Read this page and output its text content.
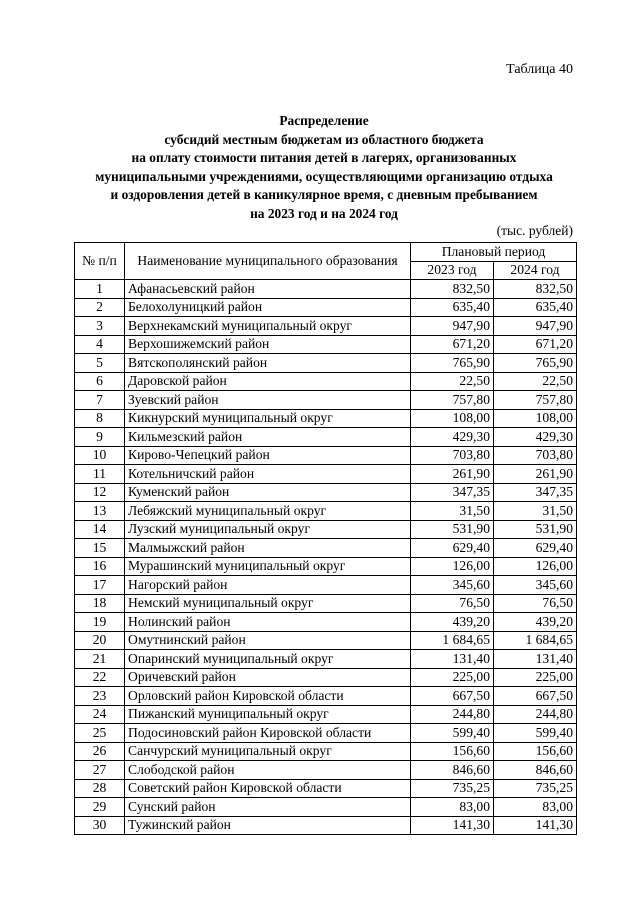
Таблица 40
Распределение
субсидий местным бюджетам из областного бюджета
на оплату стоимости питания детей в лагерях, организованных
муниципальными учреждениями, осуществляющими организацию отдыха
и оздоровления детей в каникулярное время, с дневным пребыванием
на 2023 год и на 2024 год
(тыс. рублей)
№ п/п	Наименование муниципального образования	Плановый период	
		2023 год	2024 год
1	Афанасьевский район	832,50	832,50
2	Белохолуницкий район	635,40	635,40
3	Верхнекамский муниципальный округ	947,90	947,90
4	Верхошижемский район	671,20	671,20
5	Вятскополянский район	765,90	765,90
6	Даровской район	22,50	22,50
7	Зуевский район	757,80	757,80
8	Кикнурский муниципальный округ	108,00	108,00
9	Кильмезский район	429,30	429,30
10	Кирово-Чепецкий район	703,80	703,80
11	Котельничский район	261,90	261,90
12	Куменский район	347,35	347,35
13	Лебяжский муниципальный округ	31,50	31,50
14	Лузский муниципальный округ	531,90	531,90
15	Малмыжский район	629,40	629,40
16	Мурашинский муниципальный округ	126,00	126,00
17	Нагорский район	345,60	345,60
18	Немский муниципальный округ	76,50	76,50
19	Нолинский район	439,20	439,20
20	Омутнинский район	1 684,65	1 684,65
21	Опаринский муниципальный округ	131,40	131,40
22	Оричевский район	225,00	225,00
23	Орловский район Кировской области	667,50	667,50
24	Пижанский муниципальный округ	244,80	244,80
25	Подосиновский район Кировской области	599,40	599,40
26	Санчурский муниципальный округ	156,60	156,60
27	Слободской район	846,60	846,60
28	Советский район Кировской области	735,25	735,25
29	Сунский район	83,00	83,00
30	Тужинский район	141,30	141,30
